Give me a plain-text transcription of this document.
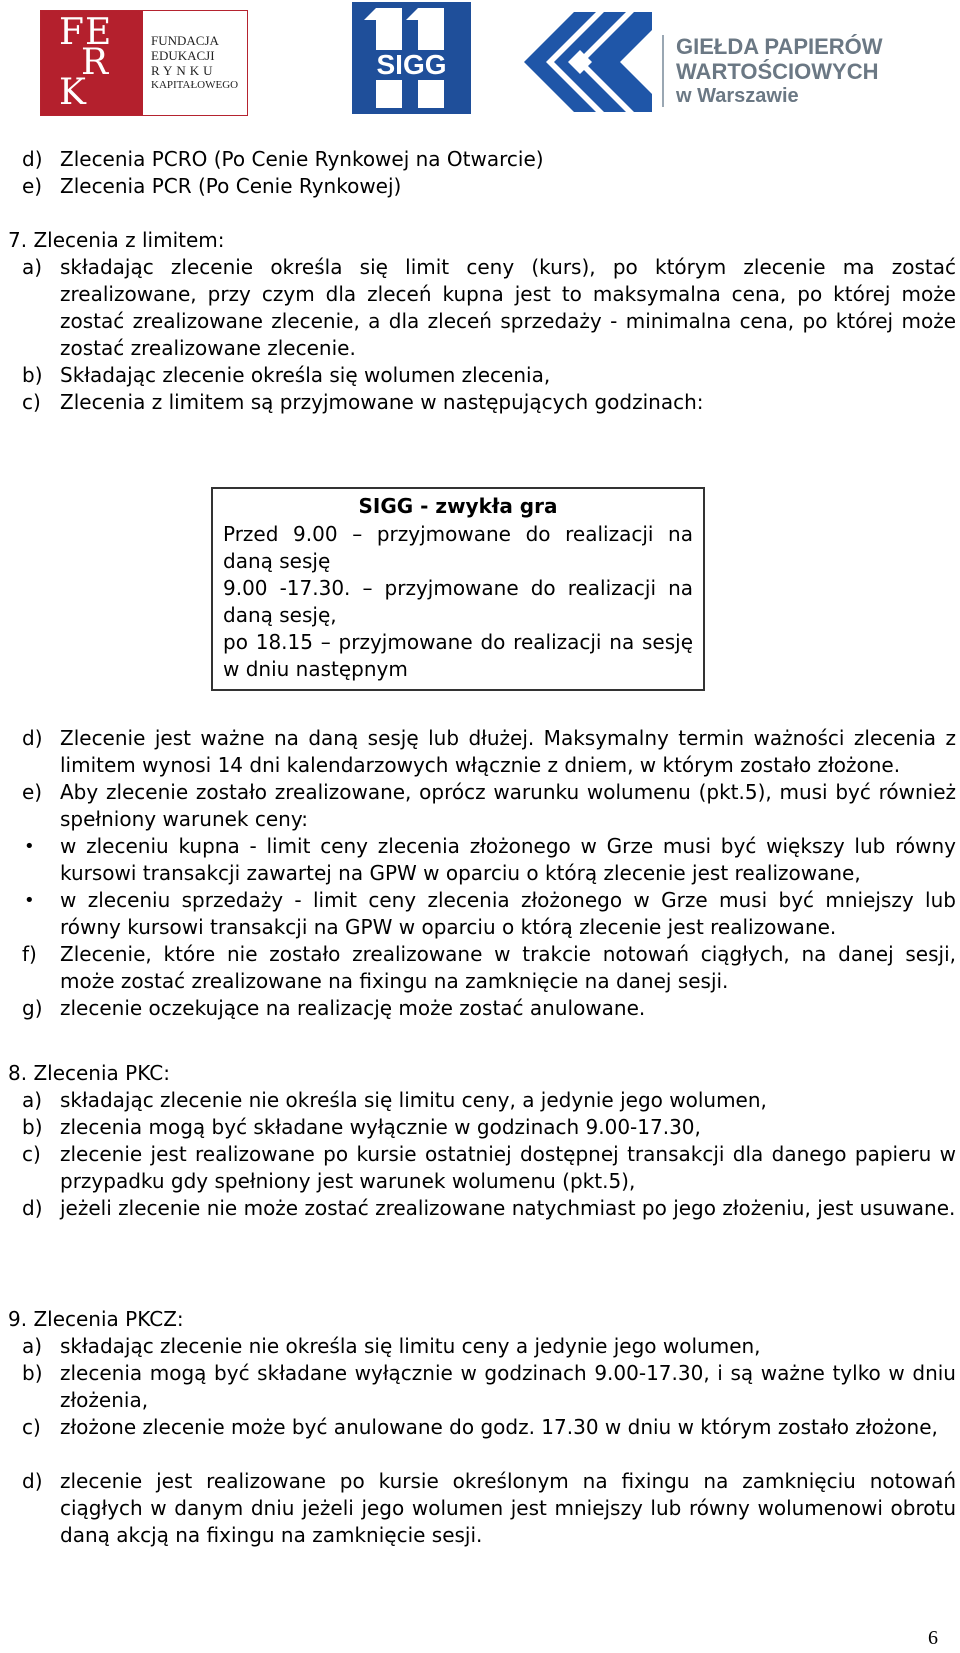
FE
R
K
FUNDACJA
EDUKACJI
RYNKU
KAPITAŁOWEGO
SIGG
GIEŁDA PAPIERÓW
WARTOŚCIOWYCH
w Warszawie
d) Zlecenia PCRO (Po Cenie Rynkowej na Otwarcie)
e) Zlecenia PCR (Po Cenie Rynkowej)
7. Zlecenia z limitem:
a) składając zlecenie określa się limit ceny (kurs), po którym zlecenie ma zostać zrealizowane, przy czym dla zleceń kupna jest to maksymalna cena, po której może zostać zrealizowane zlecenie, a dla zleceń sprzedaży - minimalna cena, po której może zostać zrealizowane zlecenie.
b) Składając zlecenie określa się wolumen zlecenia,
c) Zlecenia z limitem są przyjmowane w następujących godzinach:
SIGG - zwykła gra
Przed 9.00 – przyjmowane do realizacji na daną sesję
9.00 -17.30. – przyjmowane do realizacji na daną sesję,
po 18.15 – przyjmowane do realizacji na sesję w dniu następnym
d) Zlecenie jest ważne na daną sesję lub dłużej. Maksymalny termin ważności zlecenia z limitem wynosi 14 dni kalendarzowych włącznie z dniem, w którym zostało złożone.
e) Aby zlecenie zostało zrealizowane, oprócz warunku wolumenu (pkt.5), musi być również spełniony warunek ceny:
• w zleceniu kupna - limit ceny zlecenia złożonego w Grze musi być większy lub równy kursowi transakcji zawartej na GPW w oparciu o którą zlecenie jest realizowane,
• w zleceniu sprzedaży - limit ceny zlecenia złożonego w Grze musi być mniejszy lub równy kursowi transakcji na GPW w oparciu o którą zlecenie jest realizowane.
f) Zlecenie, które nie zostało zrealizowane w trakcie notowań ciągłych, na danej sesji, może zostać zrealizowane na fixingu na zamknięcie na danej sesji.
g) zlecenie oczekujące na realizację może zostać anulowane.
8. Zlecenia PKC:
a) składając zlecenie nie określa się limitu ceny, a jedynie jego wolumen,
b) zlecenia mogą być składane wyłącznie w godzinach 9.00-17.30,
c) zlecenie jest realizowane po kursie ostatniej dostępnej transakcji dla danego papieru w przypadku gdy spełniony jest warunek wolumenu (pkt.5),
d) jeżeli zlecenie nie może zostać zrealizowane natychmiast po jego złożeniu, jest usuwane.
9. Zlecenia PKCZ:
a) składając zlecenie nie określa się limitu ceny a jedynie jego wolumen,
b) zlecenia mogą być składane wyłącznie w godzinach 9.00-17.30, i są ważne tylko w dniu złożenia,
c) złożone zlecenie może być anulowane do godz. 17.30 w dniu w którym zostało złożone,
d) zlecenie jest realizowane po kursie określonym na fixingu na zamknięciu notowań ciągłych w danym dniu jeżeli jego wolumen jest mniejszy lub równy wolumenowi obrotu daną akcją na fixingu na zamknięcie sesji.
6
